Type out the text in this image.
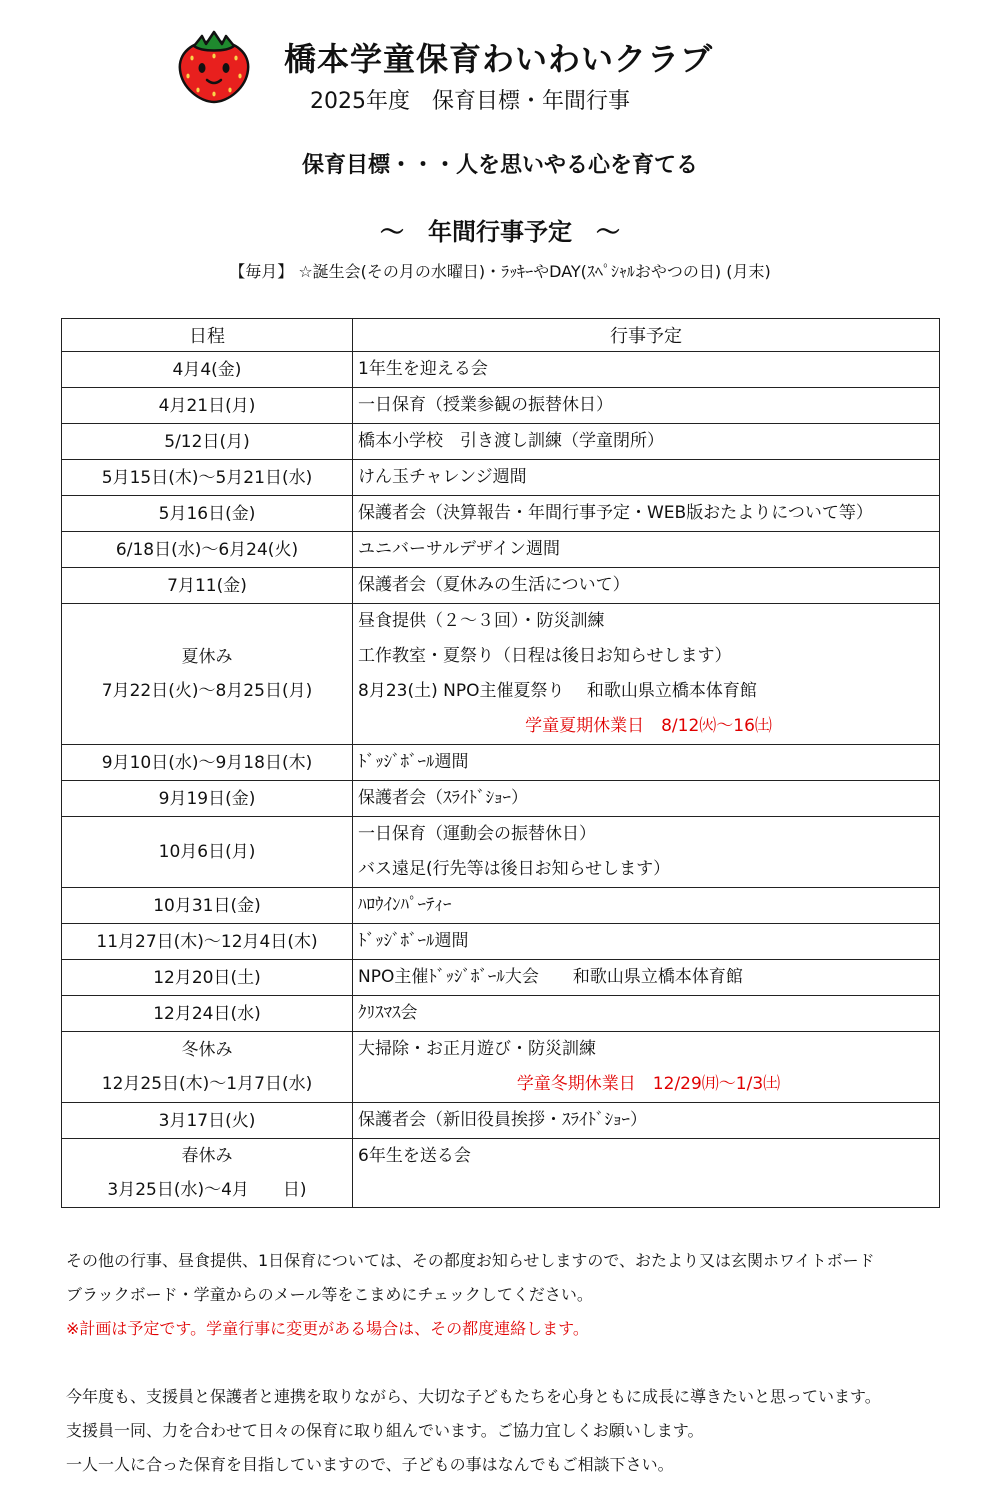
橋本学童保育わいわいクラブ
2025年度　保育目標・年間行事
保育目標・・・人を思いやる心を育てる
～　年間行事予定　～
【毎月】 ☆誕生会(その月の水曜日)・ﾗｯｷｰやDAY(ｽﾍﾟｼｬﾙおやつの日) (月末)
日程	行事予定

4月4(金)	1年生を迎える会

4月21日(月)	一日保育（授業参観の振替休日）

5/12日(月)	橋本小学校　引き渡し訓練（学童閉所）

5月15日(木)～5月21日(水)	けん玉チャレンジ週間

5月16日(金)	保護者会（決算報告・年間行事予定・WEB版おたよりについて等）

6/18日(水)～6月24(火)	ユニバーサルデザイン週間

7月11(金)	保護者会（夏休みの生活について）

夏休み
7月22日(火)～8月25日(月)	昼食提供（２～３回）・防災訓練
工作教室・夏祭り（日程は後日お知らせします）
8月23(土) NPO主催夏祭り　 和歌山県立橋本体育館
学童夏期休業日　8/12㈫～16㈯

9月10日(水)～9月18日(木)	ﾄﾞｯｼﾞﾎﾞｰﾙ週間

9月19日(金)	保護者会（ｽﾗｲﾄﾞｼｮｰ）

10月6日(月)	一日保育（運動会の振替休日）
バス遠足(行先等は後日お知らせします）

10月31日(金)	ﾊﾛｳｲﾝﾊﾟｰﾃｨｰ

11月27日(木)～12月4日(木)	ﾄﾞｯｼﾞﾎﾞｰﾙ週間

12月20日(土)	NPO主催ﾄﾞｯｼﾞﾎﾞｰﾙ大会　　和歌山県立橋本体育館

12月24日(水)	ｸﾘｽﾏｽ会

冬休み
12月25日(木)～1月7日(水)	大掃除・お正月遊び・防災訓練
学童冬期休業日　12/29㈪～1/3㈯

3月17日(火)	保護者会（新旧役員挨拶・ｽﾗｲﾄﾞｼｮｰ）

春休み
3月25日(水)～4月　　日)	6年生を送る会

その他の行事、昼食提供、1日保育については、その都度お知らせしますので、おたより又は玄関ホワイトボード

ブラックボード・学童からのメール等をこまめにチェックしてください。

※計画は予定です。学童行事に変更がある場合は、その都度連絡します。

今年度も、支援員と保護者と連携を取りながら、大切な子どもたちを心身ともに成長に導きたいと思っています。

支援員一同、力を合わせて日々の保育に取り組んでいます。ご協力宜しくお願いします。

一人一人に合った保育を目指していますので、子どもの事はなんでもご相談下さい。
